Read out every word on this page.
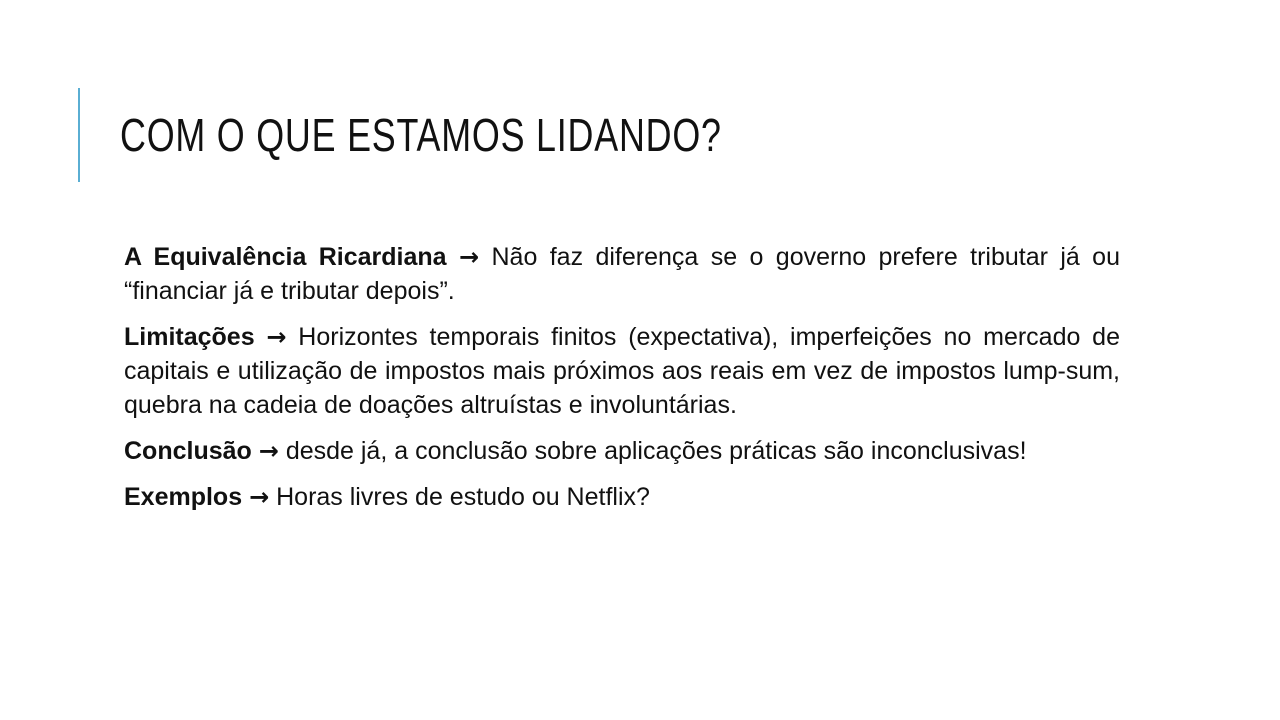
COM O QUE ESTAMOS LIDANDO?

A Equivalência Ricardiana → Não faz diferença se o governo prefere tributar já ou “financiar já e tributar depois”.

Limitações → Horizontes temporais finitos (expectativa), imperfeições no mercado de capitais e utilização de impostos mais próximos aos reais em vez de impostos lump-sum, quebra na cadeia de doações altruístas e involuntárias.

Conclusão → desde já, a conclusão sobre aplicações práticas são inconclusivas!

Exemplos → Horas livres de estudo ou Netflix?
